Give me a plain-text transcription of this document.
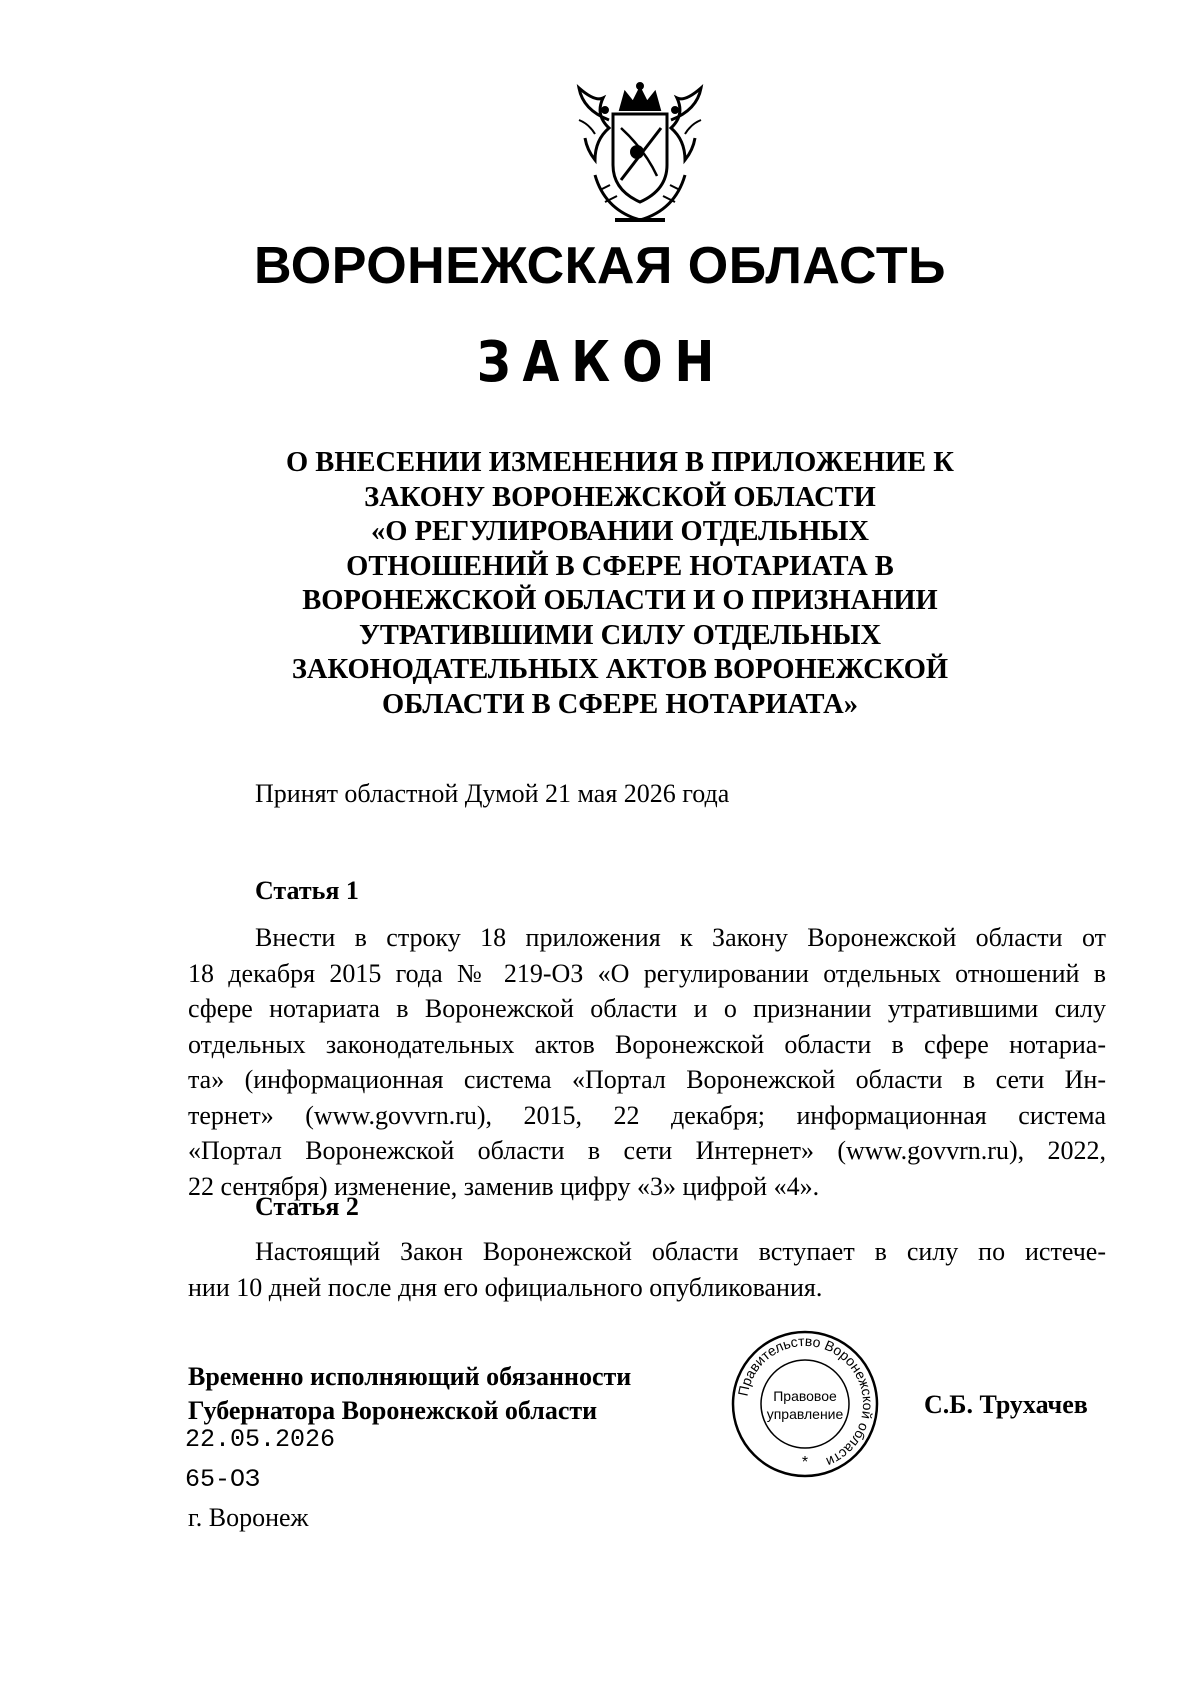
ВОРОНЕЖСКАЯ ОБЛАСТЬ
ЗАКОН
О ВНЕСЕНИИ ИЗМЕНЕНИЯ В ПРИЛОЖЕНИЕ К
ЗАКОНУ ВОРОНЕЖСКОЙ ОБЛАСТИ
«О РЕГУЛИРОВАНИИ ОТДЕЛЬНЫХ
ОТНОШЕНИЙ В СФЕРЕ НОТАРИАТА В
ВОРОНЕЖСКОЙ ОБЛАСТИ И О ПРИЗНАНИИ
УТРАТИВШИМИ СИЛУ ОТДЕЛЬНЫХ
ЗАКОНОДАТЕЛЬНЫХ АКТОВ ВОРОНЕЖСКОЙ
ОБЛАСТИ В СФЕРЕ НОТАРИАТА»
Принят областной Думой 21 мая 2026 года
Статья 1
Внести в строку 18 приложения к Закону Воронежской области от
18 декабря 2015 года № 219-ОЗ «О регулировании отдельных отношений в
сфере нотариата в Воронежской области и о признании утратившими силу
отдельных законодательных актов Воронежской области в сфере нотариа-
та» (информационная система «Портал Воронежской области в сети Ин-
тернет» (www.govvrn.ru), 2015, 22 декабря; информационная система
«Портал Воронежской области в сети Интернет» (www.govvrn.ru), 2022,
22 сентября) изменение, заменив цифру «3» цифрой «4».
Статья 2
Настоящий Закон Воронежской области вступает в силу по истече-
нии 10 дней после дня его официального опубликования.
Временно исполняющий обязанности
Губернатора Воронежской области
22.05.2026
65-ОЗ
г. Воронеж
Правительство Воронежской области
Правовое
управление
*
С.Б. Трухачев
